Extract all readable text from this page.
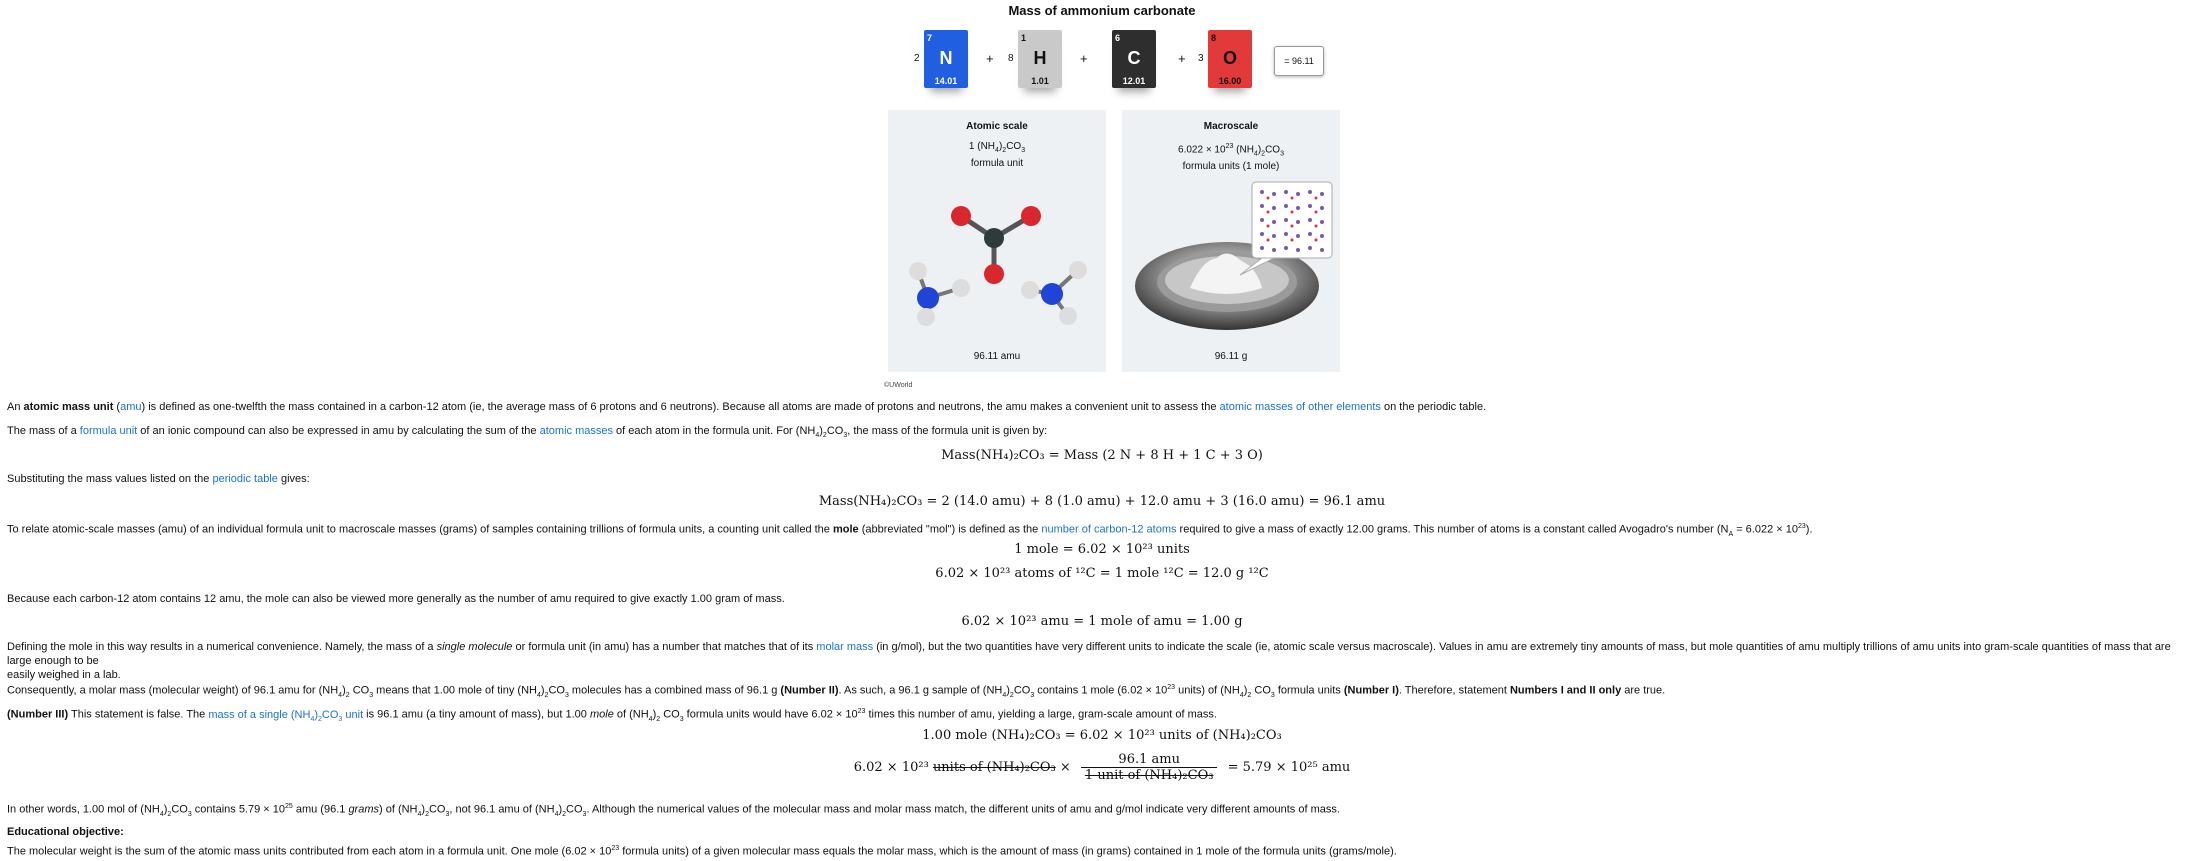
Mass of ammonium carbonate
2
7
N
14.01
+ 8
1
H
1.01
+
6
C
12.01
+ 3
8
O
16.00
= 96.11
Atomic scale
1 $(NH_4)_2CO_3$
formula unit
96.11 amu
Macroscale
$6.022 \times 10^{23}$ $(NH_4)_2CO_3$
formula units (1 mole)
96.11 g
©UWorld
An atomic mass unit (amu) is defined as one-twelfth the mass contained in a carbon-12 atom (ie, the average mass of 6 protons and 6 neutrons). Because all atoms are made of protons and neutrons, the amu makes a convenient unit to assess the atomic masses of other elements on the periodic table.
The mass of a formula unit of an ionic compound can also be expressed in amu by calculating the sum of the atomic masses of each atom in the formula unit. For $(NH_4)_2CO_3$, the mass of the formula unit is given by:
Mass(NH₄)₂CO₃ = Mass (2 N + 8 H + 1 C + 3 O)
Substituting the mass values listed on the periodic table gives:
Mass(NH₄)₂CO₃ = 2 (14.0 amu) + 8 (1.0 amu) + 12.0 amu + 3 (16.0 amu) = 96.1 amu
To relate atomic-scale masses (amu) of an individual formula unit to macroscale masses (grams) of samples containing trillions of formula units, a counting unit called the mole (abbreviated "mol") is defined as the number of carbon-12 atoms required to give a mass of exactly 12.00 grams. This number of atoms is a constant called Avogadro's number $(N_A = 6.022 \times 10^{23})$.
1 mole = 6.02 × 10²³ units
6.02 × 10²³ atoms of ¹²C = 1 mole ¹²C = 12.0 g ¹²C
Because each carbon-12 atom contains 12 amu, the mole can also be viewed more generally as the number of amu required to give exactly 1.00 gram of mass.
6.02 × 10²³ amu = 1 mole of amu = 1.00 g
Defining the mole in this way results in a numerical convenience. Namely, the mass of a single molecule or formula unit (in amu) has a number that matches that of its molar mass (in g/mol), but the two quantities have very different units to indicate the scale (ie, atomic scale versus macroscale). Values in amu are extremely tiny amounts of mass, but mole quantities of amu multiply trillions of amu units into gram-scale quantities of mass that are large enough to be
easily weighed in a lab.
Consequently, a molar mass (molecular weight) of 96.1 amu for $(NH_4)_2$ $CO_3$ means that 1.00 mole of tiny $(NH_4)_2CO_3$ molecules has a combined mass of 96.1 g (Number II). As such, a 96.1 g sample of $(NH_4)_2CO_3$ contains 1 mole ($6.02 \times 10^{23}$ units) of $(NH_4)_2$ $CO_3$ formula units (Number I). Therefore, statement Numbers I and II only are true.
(Number III) This statement is false. The mass of a single $(NH_4)_2CO_3$ unit is 96.1 amu (a tiny amount of mass), but 1.00 mole of $(NH_4)_2$ $CO_3$ formula units would have $6.02 \times 10^{23}$ times this number of amu, yielding a large, gram-scale amount of mass.
1.00 mole (NH₄)₂CO₃ = 6.02 × 10²³ units of (NH₄)₂CO₃
6.02 × 10²³ units of (NH₄)₂CO₃ ×
96.1 amu
1 unit of (NH₄)₂CO₃
= 5.79 × 10²⁵ amu
In other words, 1.00 mol of $(NH_4)_2CO_3$ contains $5.79 \times 10^{25}$ amu (96.1 grams) of $(NH_4)_2CO_3$, not 96.1 amu of $(NH_4)_2CO_3$. Although the numerical values of the molecular mass and molar mass match, the different units of amu and g/mol indicate very different amounts of mass.
Educational objective:
The molecular weight is the sum of the atomic mass units contributed from each atom in a formula unit. One mole ($6.02 \times 10^{23}$ formula units) of a given molecular mass equals the molar mass, which is the amount of mass (in grams) contained in 1 mole of the formula units (grams/mole).
